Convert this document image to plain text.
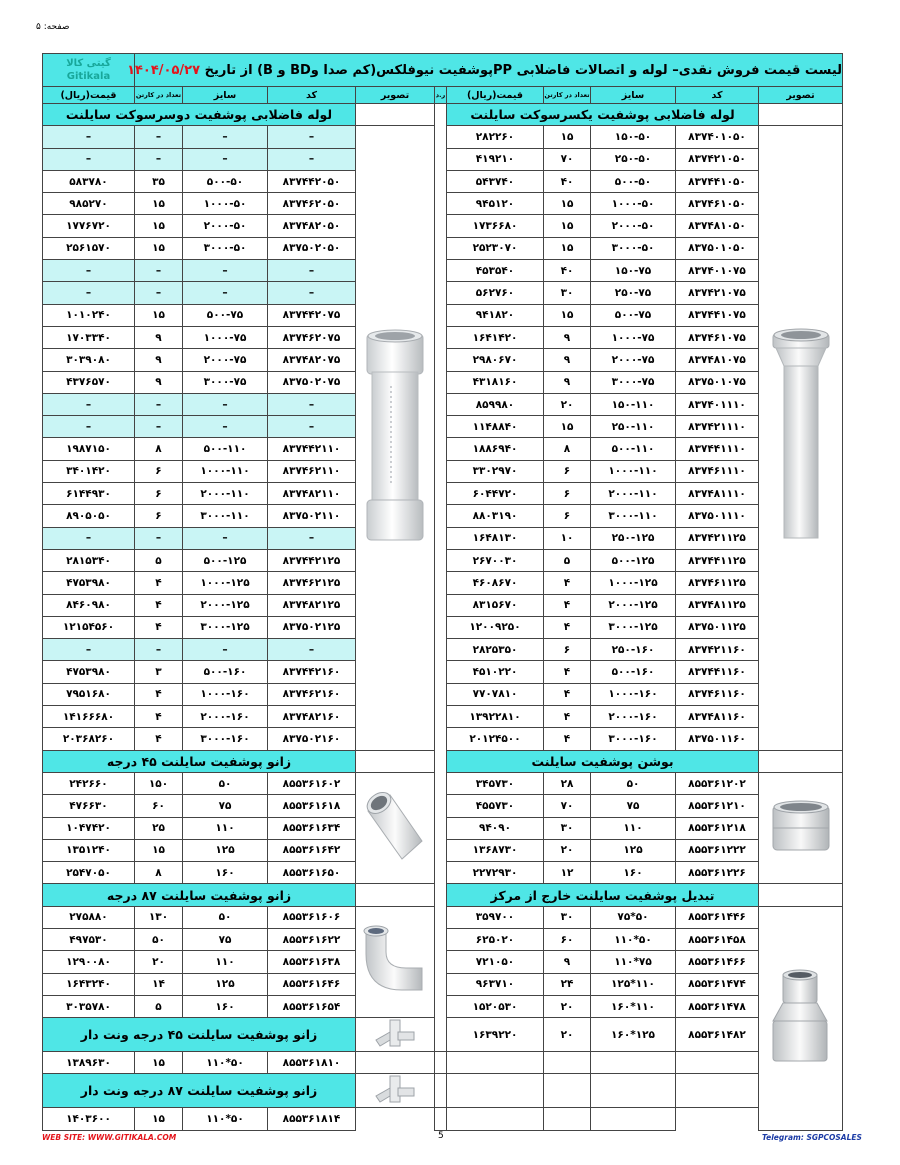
صفحه: ۵
گیتی کالا
Gitikala	لیست قیمت فروش نقدی– لوله و اتصالات فاضلابی PPپوشفیت نیوفلکس(کم صدا وBD و B) از تاریخ ۱۴۰۴/۰۵/۲۷									
قیمت(ریال)	تعداد در کارتن	سایز	کد	تصویر	ر.د	قیمت(ریال)	تعداد در کارتن	سایز	کد	تصویر
لوله فاضلابی پوشفیت دوسرسوکت سایلنت						لوله فاضلابی پوشفیت یکسرسوکت سایلنت				
–	–	–	–			۲۸۲۲۶۰	۱۵	۱۵۰-۵۰	۸۳۷۴۰۱۰۵۰	
–	–	–	–			۴۱۹۲۱۰	۷۰	۲۵۰-۵۰	۸۳۷۴۲۱۰۵۰	
۵۸۳۷۸۰	۳۵	۵۰۰-۵۰	۸۳۷۴۴۲۰۵۰			۵۴۳۷۴۰	۴۰	۵۰۰-۵۰	۸۳۷۴۴۱۰۵۰	
۹۸۵۲۷۰	۱۵	۱۰۰۰-۵۰	۸۳۷۴۶۲۰۵۰			۹۴۵۱۲۰	۱۵	۱۰۰۰-۵۰	۸۳۷۴۶۱۰۵۰	
۱۷۷۶۷۲۰	۱۵	۲۰۰۰-۵۰	۸۳۷۴۸۲۰۵۰			۱۷۳۶۶۸۰	۱۵	۲۰۰۰-۵۰	۸۳۷۴۸۱۰۵۰	
۲۵۶۱۵۷۰	۱۵	۳۰۰۰-۵۰	۸۳۷۵۰۲۰۵۰			۲۵۲۳۰۷۰	۱۵	۳۰۰۰-۵۰	۸۳۷۵۰۱۰۵۰	
–	–	–	–			۴۵۳۵۴۰	۴۰	۱۵۰-۷۵	۸۳۷۴۰۱۰۷۵	
–	–	–	–			۵۶۲۷۶۰	۳۰	۲۵۰-۷۵	۸۳۷۴۲۱۰۷۵	
۱۰۱۰۲۴۰	۱۵	۵۰۰-۷۵	۸۳۷۴۴۲۰۷۵			۹۴۱۸۲۰	۱۵	۵۰۰-۷۵	۸۳۷۴۴۱۰۷۵	
۱۷۰۳۳۴۰	۹	۱۰۰۰-۷۵	۸۳۷۴۶۲۰۷۵			۱۶۴۱۴۲۰	۹	۱۰۰۰-۷۵	۸۳۷۴۶۱۰۷۵	
۳۰۳۹۰۸۰	۹	۲۰۰۰-۷۵	۸۳۷۴۸۲۰۷۵			۲۹۸۰۶۷۰	۹	۲۰۰۰-۷۵	۸۳۷۴۸۱۰۷۵	
۴۳۷۶۵۷۰	۹	۳۰۰۰-۷۵	۸۳۷۵۰۲۰۷۵			۴۳۱۸۱۶۰	۹	۳۰۰۰-۷۵	۸۳۷۵۰۱۰۷۵	
–	–	–	–			۸۵۹۹۸۰	۲۰	۱۵۰-۱۱۰	۸۳۷۴۰۱۱۱۰	
–	–	–	–			۱۱۴۸۸۴۰	۱۵	۲۵۰-۱۱۰	۸۳۷۴۲۱۱۱۰	
۱۹۸۷۱۵۰	۸	۵۰۰-۱۱۰	۸۳۷۴۴۲۱۱۰			۱۸۸۶۹۴۰	۸	۵۰۰-۱۱۰	۸۳۷۴۴۱۱۱۰	
۳۴۰۱۴۲۰	۶	۱۰۰۰-۱۱۰	۸۳۷۴۶۲۱۱۰			۳۳۰۲۹۷۰	۶	۱۰۰۰-۱۱۰	۸۳۷۴۶۱۱۱۰	
۶۱۴۴۹۳۰	۶	۲۰۰۰-۱۱۰	۸۳۷۴۸۲۱۱۰			۶۰۴۴۷۲۰	۶	۲۰۰۰-۱۱۰	۸۳۷۴۸۱۱۱۰	
۸۹۰۵۰۵۰	۶	۳۰۰۰-۱۱۰	۸۳۷۵۰۲۱۱۰			۸۸۰۳۱۹۰	۶	۳۰۰۰-۱۱۰	۸۳۷۵۰۱۱۱۰	
–	–	–	–			۱۶۴۸۱۳۰	۱۰	۲۵۰-۱۲۵	۸۳۷۴۲۱۱۲۵	
۲۸۱۵۳۴۰	۵	۵۰۰-۱۲۵	۸۳۷۴۴۲۱۲۵			۲۶۷۰۰۳۰	۵	۵۰۰-۱۲۵	۸۳۷۴۴۱۱۲۵	
۴۷۵۳۹۸۰	۴	۱۰۰۰-۱۲۵	۸۳۷۴۶۲۱۲۵			۴۶۰۸۶۷۰	۴	۱۰۰۰-۱۲۵	۸۳۷۴۶۱۱۲۵	
۸۴۶۰۹۸۰	۴	۲۰۰۰-۱۲۵	۸۳۷۴۸۲۱۲۵			۸۳۱۵۶۷۰	۴	۲۰۰۰-۱۲۵	۸۳۷۴۸۱۱۲۵	
۱۲۱۵۴۵۶۰	۴	۳۰۰۰-۱۲۵	۸۳۷۵۰۲۱۲۵			۱۲۰۰۹۲۵۰	۴	۳۰۰۰-۱۲۵	۸۳۷۵۰۱۱۲۵	
–	–	–	–			۲۸۲۵۳۵۰	۶	۲۵۰-۱۶۰	۸۳۷۴۲۱۱۶۰	
۴۷۵۳۹۸۰	۳	۵۰۰-۱۶۰	۸۳۷۴۴۲۱۶۰			۴۵۱۰۲۲۰	۴	۵۰۰-۱۶۰	۸۳۷۴۴۱۱۶۰	
۷۹۵۱۶۸۰	۴	۱۰۰۰-۱۶۰	۸۳۷۴۶۲۱۶۰			۷۷۰۷۸۱۰	۴	۱۰۰۰-۱۶۰	۸۳۷۴۶۱۱۶۰	
۱۴۱۶۶۶۸۰	۴	۲۰۰۰-۱۶۰	۸۳۷۴۸۲۱۶۰			۱۳۹۲۲۸۱۰	۴	۲۰۰۰-۱۶۰	۸۳۷۴۸۱۱۶۰	
۲۰۳۶۸۲۶۰	۴	۳۰۰۰-۱۶۰	۸۳۷۵۰۲۱۶۰			۲۰۱۲۴۵۰۰	۴	۳۰۰۰-۱۶۰	۸۳۷۵۰۱۱۶۰	
زانو پوشفیت سایلنت ۴۵ درجه						بوشن پوشفیت سایلنت				
۲۴۲۶۶۰	۱۵۰	۵۰	۸۵۵۳۶۱۶۰۲			۳۴۵۷۳۰	۲۸	۵۰	۸۵۵۳۶۱۲۰۲	
۴۷۶۶۳۰	۶۰	۷۵	۸۵۵۳۶۱۶۱۸			۴۵۵۷۳۰	۷۰	۷۵	۸۵۵۳۶۱۲۱۰	
۱۰۴۷۴۲۰	۲۵	۱۱۰	۸۵۵۳۶۱۶۳۴			۹۴۰۹۰	۳۰	۱۱۰	۸۵۵۳۶۱۲۱۸	
۱۳۵۱۲۴۰	۱۵	۱۲۵	۸۵۵۳۶۱۶۴۲			۱۳۶۸۷۳۰	۲۰	۱۲۵	۸۵۵۳۶۱۲۲۲	
۲۵۴۷۰۵۰	۸	۱۶۰	۸۵۵۳۶۱۶۵۰			۲۲۷۲۹۳۰	۱۲	۱۶۰	۸۵۵۳۶۱۲۲۶	
زانو پوشفیت سایلنت ۸۷ درجه						تبدیل پوشفیت سایلنت خارج از مرکز				
۲۷۵۸۸۰	۱۳۰	۵۰	۸۵۵۳۶۱۶۰۶			۳۵۹۷۰۰	۳۰	۷۵*۵۰	۸۵۵۳۶۱۴۴۶	
۴۹۷۵۳۰	۵۰	۷۵	۸۵۵۳۶۱۶۲۲			۶۲۵۰۲۰	۶۰	۱۱۰*۵۰	۸۵۵۳۶۱۴۵۸	
۱۲۹۰۰۸۰	۲۰	۱۱۰	۸۵۵۳۶۱۶۳۸			۷۲۱۰۵۰	۹	۱۱۰*۷۵	۸۵۵۳۶۱۴۶۶	
۱۶۴۳۲۴۰	۱۴	۱۲۵	۸۵۵۳۶۱۶۴۶			۹۶۳۷۱۰	۲۴	۱۲۵*۱۱۰	۸۵۵۳۶۱۴۷۴	
۳۰۳۵۷۸۰	۵	۱۶۰	۸۵۵۳۶۱۶۵۴			۱۵۲۰۵۳۰	۲۰	۱۶۰*۱۱۰	۸۵۵۳۶۱۴۷۸	
زانو پوشفیت سایلنت ۴۵ درجه ونت دار						۱۶۳۹۲۲۰	۲۰	۱۶۰*۱۲۵	۸۵۵۳۶۱۴۸۲	
۱۳۸۹۶۳۰	۱۵	۱۱۰*۵۰	۸۵۵۳۶۱۸۱۰							
زانو پوشفیت سایلنت ۸۷ درجه ونت دار						
۱۴۰۳۶۰۰	۱۵	۱۱۰*۵۰	۸۵۵۳۶۱۸۱۴							
WEB SITE: WWW.GITIKALA.COM	5	Telegram: SGPCOSALES
